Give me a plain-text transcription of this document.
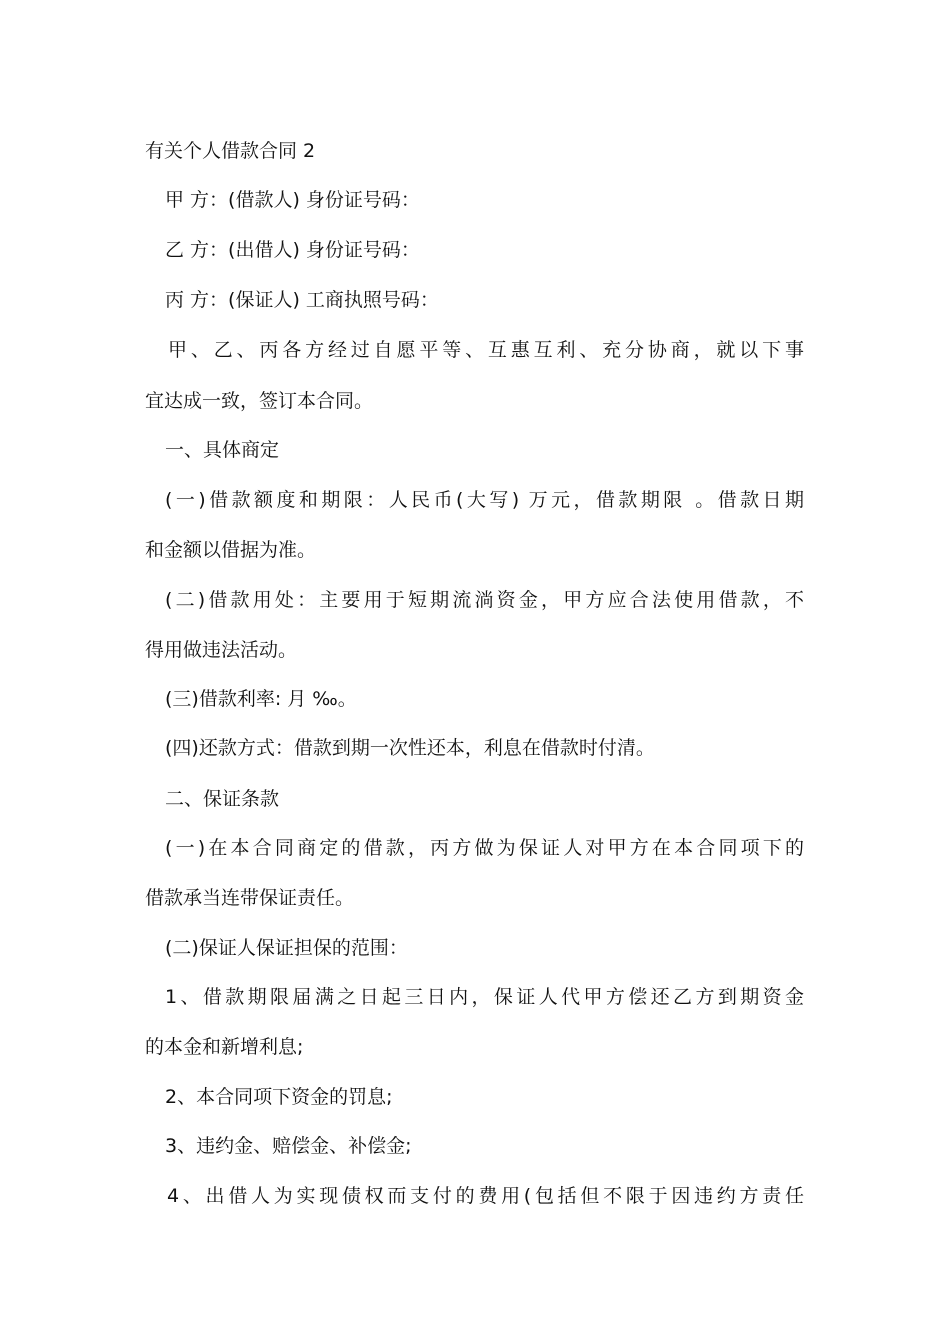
有关个人借款合同 2
甲 方：(借款人) 身份证号码：
乙 方：(出借人) 身份证号码：
丙 方：(保证人) 工商执照号码：
甲、乙、丙各方经过自愿平等、互惠互利、充分协商，就以下事
宜达成一致，签订本合同。
一、具体商定
(一)借款额度和期限：人民币(大写) 万元，借款期限 。借款日期
和金额以借据为准。
(二)借款用处：主要用于短期流淌资金，甲方应合法使用借款，不
得用做违法活动。
(三)借款利率: 月 ‰。
(四)还款方式：借款到期一次性还本，利息在借款时付清。
二、保证条款
(一)在本合同商定的借款，丙方做为保证人对甲方在本合同项下的
借款承当连带保证责任。
(二)保证人保证担保的范围：
1、借款期限届满之日起三日内，保证人代甲方偿还乙方到期资金
的本金和新增利息;
2、本合同项下资金的罚息;
3、违约金、赔偿金、补偿金;
4、出借人为实现债权而支付的费用(包括但不限于因违约方责任
